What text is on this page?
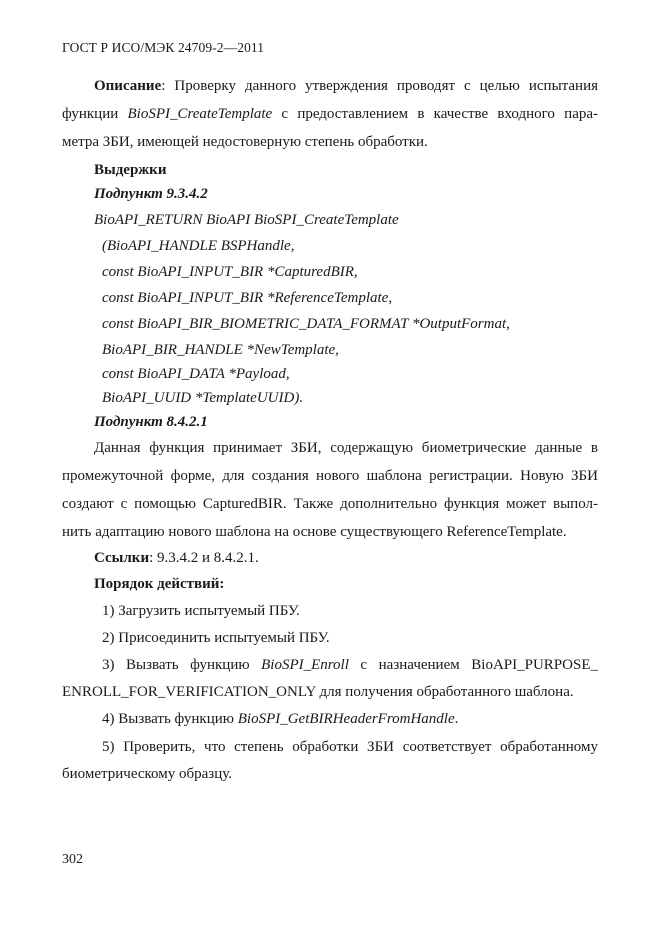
ГОСТ Р ИСО/МЭК 24709-2—2011
Описание: Проверку данного утверждения проводят с целью испытания
функции BioSPI_CreateTemplate с предоставлением в качестве входного пара-
метра ЗБИ, имеющей недостоверную степень обработки.
Выдержки
Подпункт 9.3.4.2
BioAPI_RETURN BioAPI BioSPI_CreateTemplate
(BioAPI_HANDLE BSPHandle,
const BioAPI_INPUT_BIR *CapturedBIR,
const BioAPI_INPUT_BIR *ReferenceTemplate,
const BioAPI_BIR_BIOMETRIC_DATA_FORMAT *OutputFormat,
BioAPI_BIR_HANDLE *NewTemplate,
const BioAPI_DATA *Payload,
BioAPI_UUID *TemplateUUID).
Подпункт 8.4.2.1
Данная функция принимает ЗБИ, содержащую биометрические данные в
промежуточной форме, для создания нового шаблона регистрации. Новую ЗБИ
создают с помощью CapturedBIR. Также дополнительно функция может выпол-
нить адаптацию нового шаблона на основе существующего ReferenceTemplate.
Ссылки: 9.3.4.2 и 8.4.2.1.
Порядок действий:
1) Загрузить испытуемый ПБУ.
2) Присоединить испытуемый ПБУ.
3) Вызвать функцию BioSPI_Enroll с назначением BioAPI_PURPOSE_
ENROLL_FOR_VERIFICATION_ONLY для получения обработанного шаблона.
4) Вызвать функцию BioSPI_GetBIRHeaderFromHandle.
5) Проверить, что степень обработки ЗБИ соответствует обработанному
биометрическому образцу.
302
